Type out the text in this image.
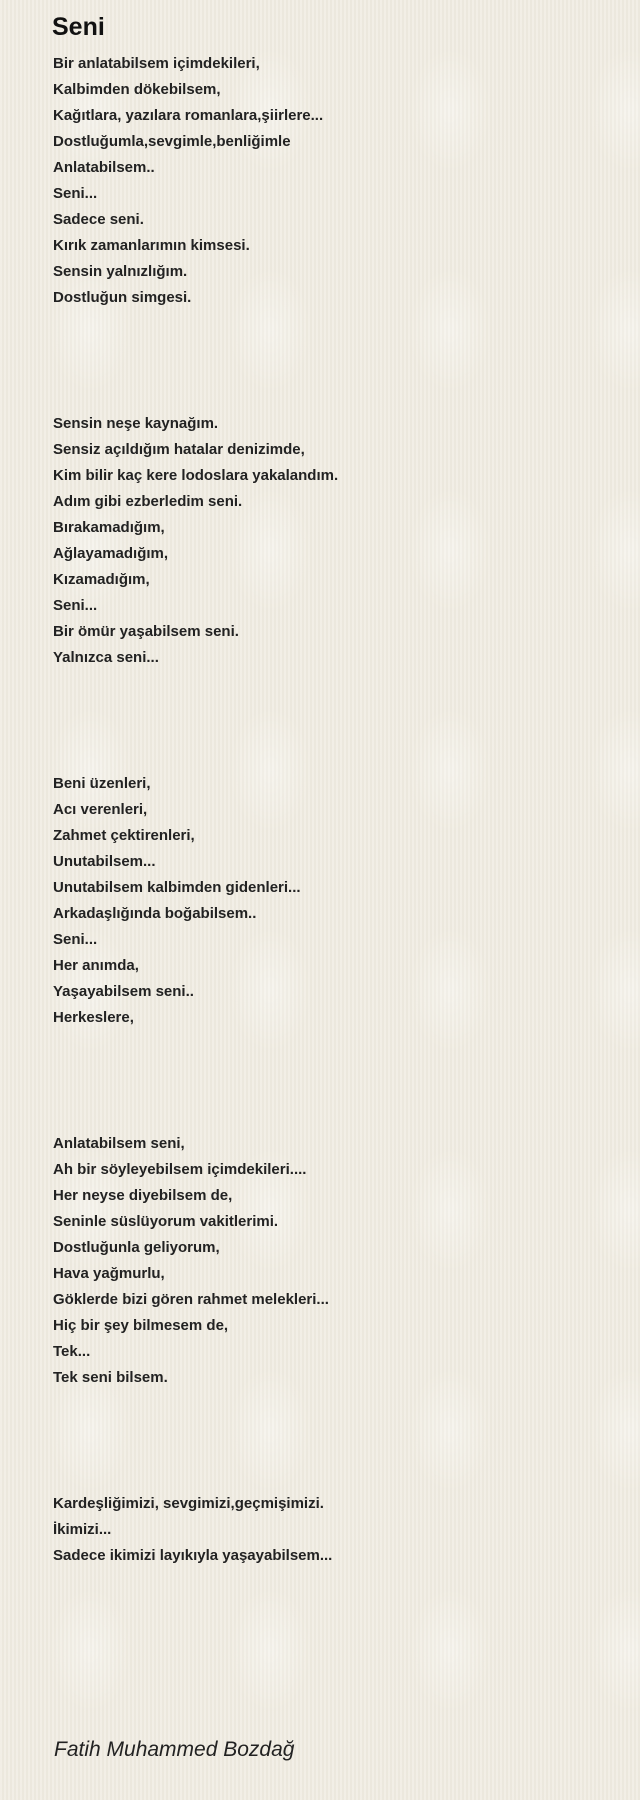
Seni
Bir anlatabilsem içimdekileri,
Kalbimden dökebilsem,
Kağıtlara, yazılara romanlara,şiirlere...
Dostluğumla,sevgimle,benliğimle
Anlatabilsem..
Seni...
Sadece seni.
Kırık zamanlarımın kimsesi.
Sensin yalnızlığım.
Dostluğun simgesi.
Sensin neşe kaynağım.
Sensiz açıldığım hatalar denizimde,
Kim bilir kaç kere lodoslara yakalandım.
Adım gibi ezberledim seni.
Bırakamadığım,
Ağlayamadığım,
Kızamadığım,
Seni...
Bir ömür yaşabilsem seni.
Yalnızca seni...
Beni üzenleri,
Acı verenleri,
Zahmet çektirenleri,
Unutabilsem...
Unutabilsem kalbimden gidenleri...
Arkadaşlığında boğabilsem..
Seni...
Her anımda,
Yaşayabilsem seni..
Herkeslere,
Anlatabilsem seni,
Ah bir söyleyebilsem içimdekileri....
Her neyse diyebilsem de,
Seninle süslüyorum vakitlerimi.
Dostluğunla geliyorum,
Hava yağmurlu,
Göklerde bizi gören rahmet melekleri...
Hiç bir şey bilmesem de,
Tek...
Tek seni bilsem.
Kardeşliğimizi, sevgimizi,geçmişimizi.
İkimizi...
Sadece ikimizi layıkıyla yaşayabilsem...
Fatih Muhammed Bozdağ
